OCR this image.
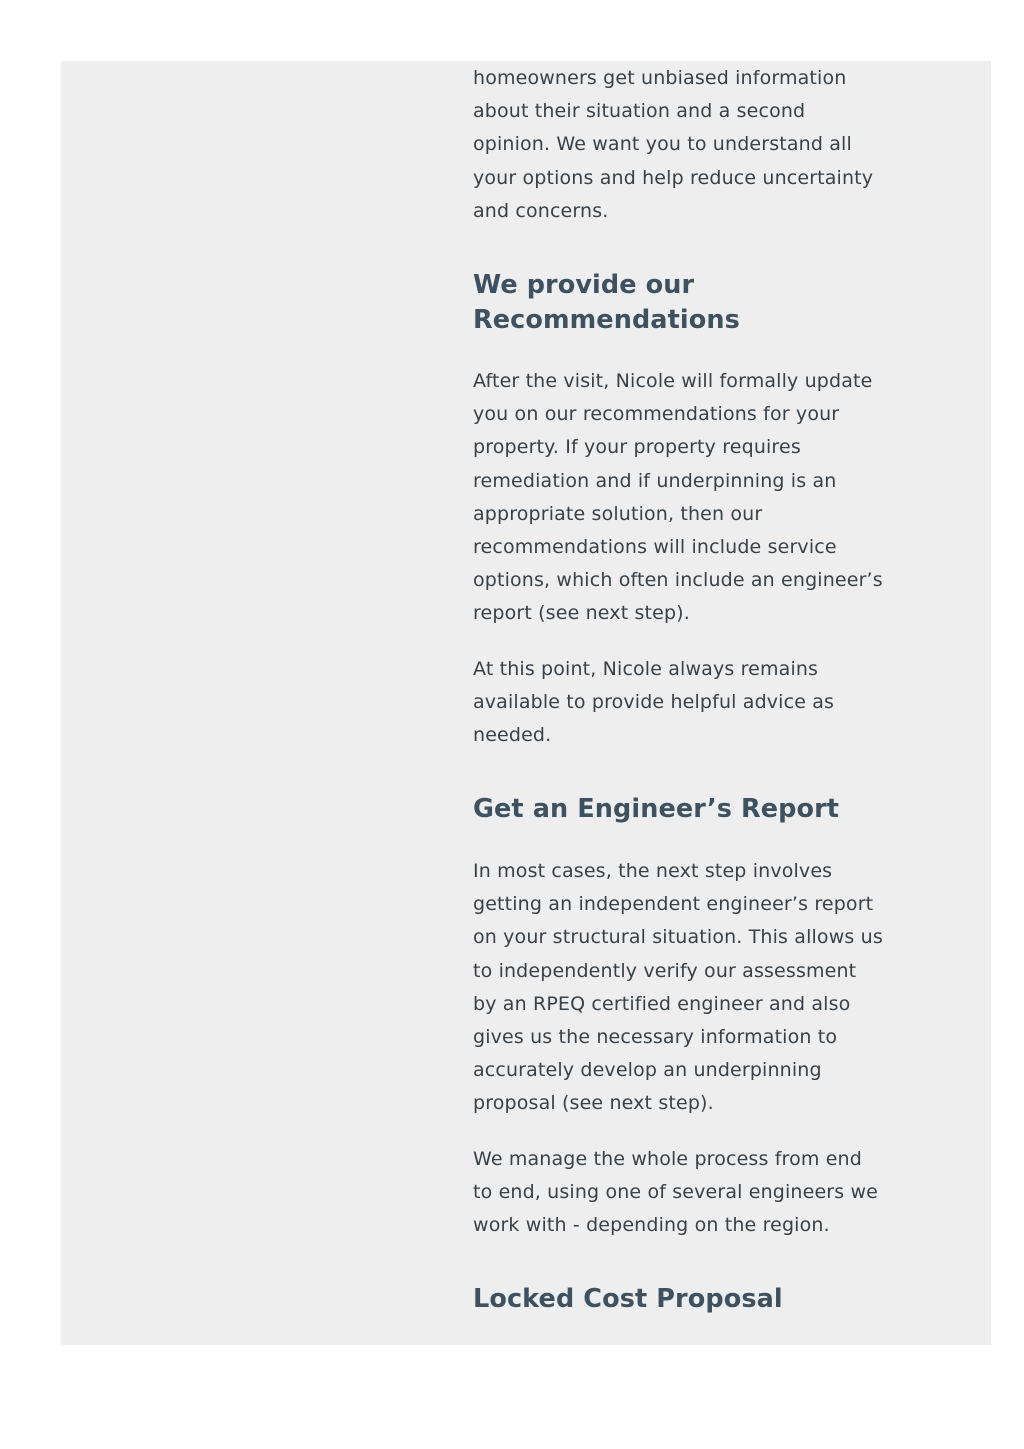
homeowners get unbiased information about their situation and a second opinion. We want you to understand all your options and help reduce uncertainty and concerns.

We provide our Recommendations

After the visit, Nicole will formally update you on our recommendations for your property. If your property requires remediation and if underpinning is an appropriate solution, then our recommendations will include service options, which often include an engineer’s report (see next step).

At this point, Nicole always remains available to provide helpful advice as needed.

Get an Engineer’s Report

In most cases, the next step involves getting an independent engineer’s report on your structural situation. This allows us to independently verify our assessment by an RPEQ certified engineer and also gives us the necessary information to accurately develop an underpinning proposal (see next step).

We manage the whole process from end to end, using one of several engineers we work with - depending on the region.

Locked Cost Proposal
